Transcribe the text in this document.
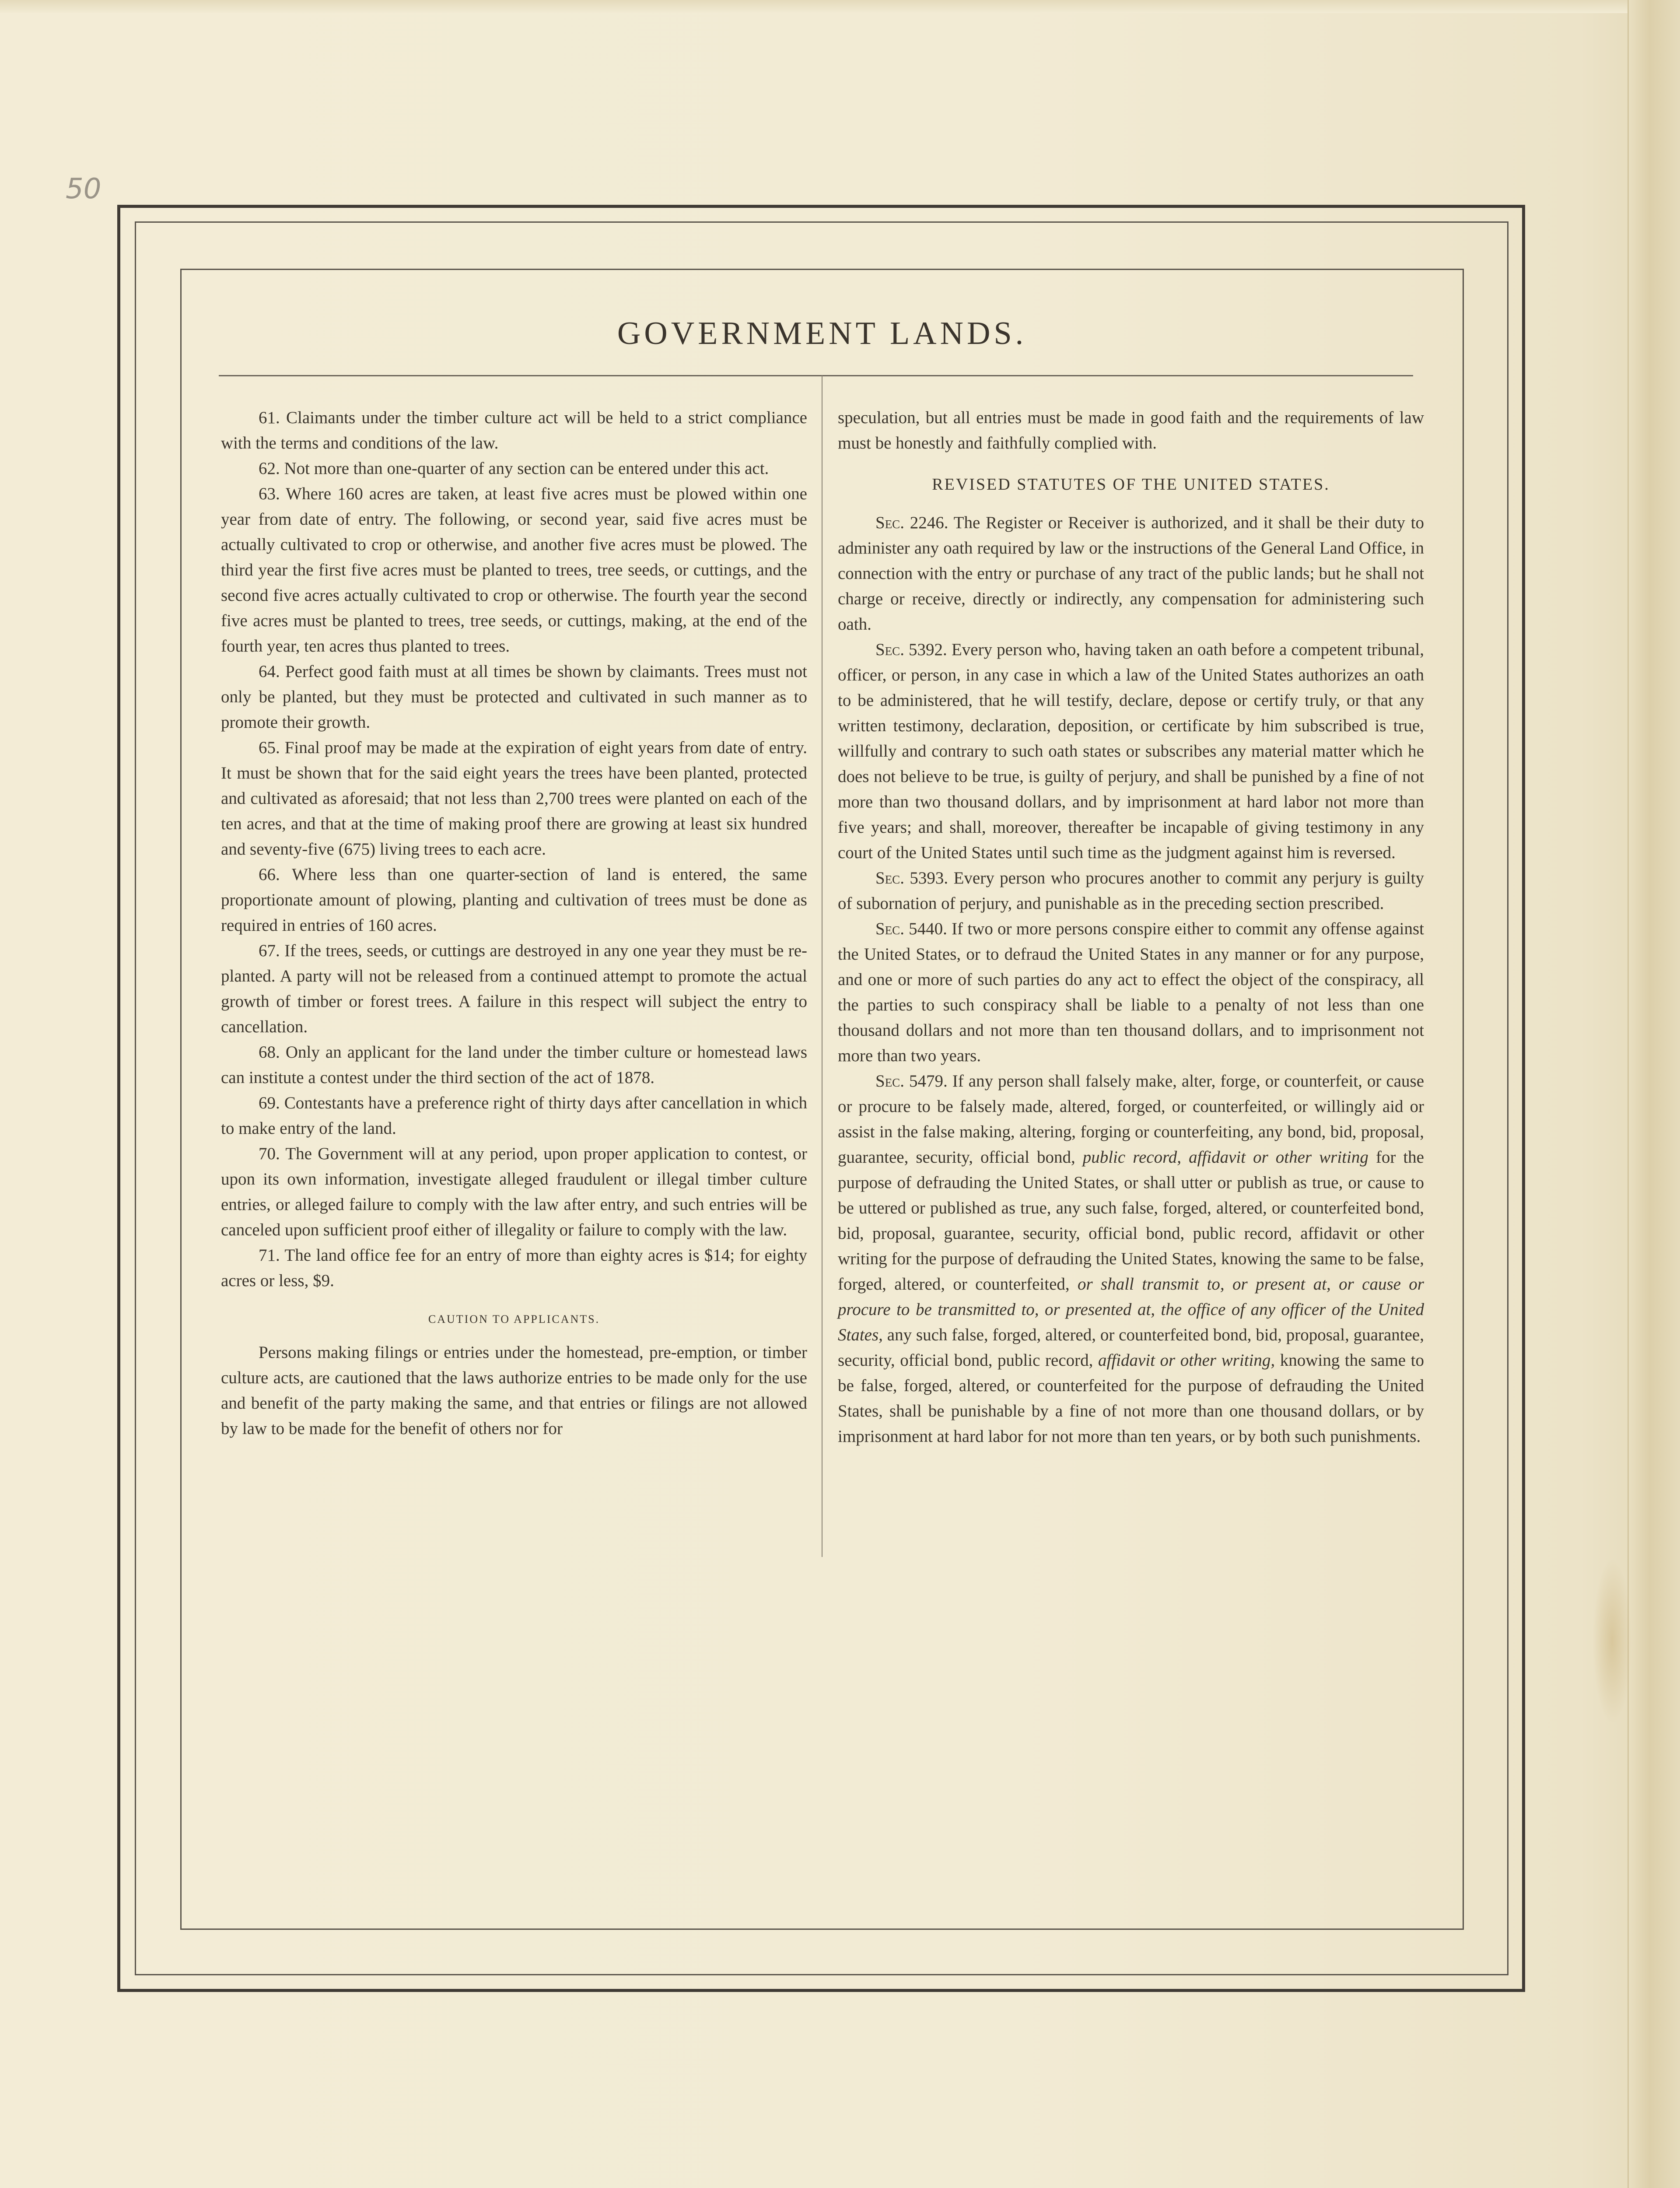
50
GOVERNMENT LANDS.

61. Claimants under the timber culture act will be held to a strict compliance with the terms and conditions of the law.

62. Not more than one-quarter of any section can be entered under this act.

63. Where 160 acres are taken, at least five acres must be plowed within one year from date of entry. The following, or second year, said five acres must be actually cultivated to crop or otherwise, and another five acres must be plowed. The third year the first five acres must be planted to trees, tree seeds, or cuttings, and the second five acres actually cultivated to crop or otherwise. The fourth year the second five acres must be planted to trees, tree seeds, or cuttings, making, at the end of the fourth year, ten acres thus planted to trees.

64. Perfect good faith must at all times be shown by claimants. Trees must not only be planted, but they must be protected and cultivated in such manner as to promote their growth.

65. Final proof may be made at the expiration of eight years from date of entry. It must be shown that for the said eight years the trees have been planted, protected and cultivated as aforesaid; that not less than 2,700 trees were planted on each of the ten acres, and that at the time of making proof there are growing at least six hundred and seventy-five (675) living trees to each acre.

66. Where less than one quarter-section of land is entered, the same proportionate amount of plowing, planting and cultivation of trees must be done as required in entries of 160 acres.

67. If the trees, seeds, or cuttings are destroyed in any one year they must be re-planted. A party will not be released from a continued attempt to promote the actual growth of timber or forest trees. A failure in this respect will subject the entry to cancellation.

68. Only an applicant for the land under the timber culture or homestead laws can institute a contest under the third section of the act of 1878.

69. Contestants have a preference right of thirty days after cancellation in which to make entry of the land.

70. The Government will at any period, upon proper application to contest, or upon its own information, investigate alleged fraudulent or illegal timber culture entries, or alleged failure to comply with the law after entry, and such entries will be canceled upon sufficient proof either of illegality or failure to comply with the law.

71. The land office fee for an entry of more than eighty acres is $14; for eighty acres or less, $9.

CAUTION TO APPLICANTS.

Persons making filings or entries under the homestead, pre-emption, or timber culture acts, are cautioned that the laws authorize entries to be made only for the use and benefit of the party making the same, and that entries or filings are not allowed by law to be made for the benefit of others nor for

speculation, but all entries must be made in good faith and the requirements of law must be honestly and faithfully complied with.

REVISED STATUTES OF THE UNITED STATES.

Sec. 2246. The Register or Receiver is authorized, and it shall be their duty to administer any oath required by law or the instructions of the General Land Office, in connection with the entry or purchase of any tract of the public lands; but he shall not charge or receive, directly or indirectly, any compensation for administering such oath.

Sec. 5392. Every person who, having taken an oath before a competent tribunal, officer, or person, in any case in which a law of the United States authorizes an oath to be administered, that he will testify, declare, depose or certify truly, or that any written testimony, declaration, deposition, or certificate by him subscribed is true, willfully and contrary to such oath states or subscribes any material matter which he does not believe to be true, is guilty of perjury, and shall be punished by a fine of not more than two thousand dollars, and by imprisonment at hard labor not more than five years; and shall, moreover, thereafter be incapable of giving testimony in any court of the United States until such time as the judgment against him is reversed.

Sec. 5393. Every person who procures another to commit any perjury is guilty of subornation of perjury, and punishable as in the preceding section prescribed.

Sec. 5440. If two or more persons conspire either to commit any offense against the United States, or to defraud the United States in any manner or for any purpose, and one or more of such parties do any act to effect the object of the conspiracy, all the parties to such conspiracy shall be liable to a penalty of not less than one thousand dollars and not more than ten thousand dollars, and to imprisonment not more than two years.

Sec. 5479. If any person shall falsely make, alter, forge, or counterfeit, or cause or procure to be falsely made, altered, forged, or counterfeited, or willingly aid or assist in the false making, altering, forging or counterfeiting, any bond, bid, proposal, guarantee, security, official bond, public record, affidavit or other writing for the purpose of defrauding the United States, or shall utter or publish as true, or cause to be uttered or published as true, any such false, forged, altered, or counterfeited bond, bid, proposal, guarantee, security, official bond, public record, affidavit or other writing for the purpose of defrauding the United States, knowing the same to be false, forged, altered, or counterfeited, or shall transmit to, or present at, or cause or procure to be transmitted to, or presented at, the office of any officer of the United States, any such false, forged, altered, or counterfeited bond, bid, proposal, guarantee, security, official bond, public record, affidavit or other writing, knowing the same to be false, forged, altered, or counterfeited for the purpose of defrauding the United States, shall be punishable by a fine of not more than one thousand dollars, or by imprisonment at hard labor for not more than ten years, or by both such punishments.
